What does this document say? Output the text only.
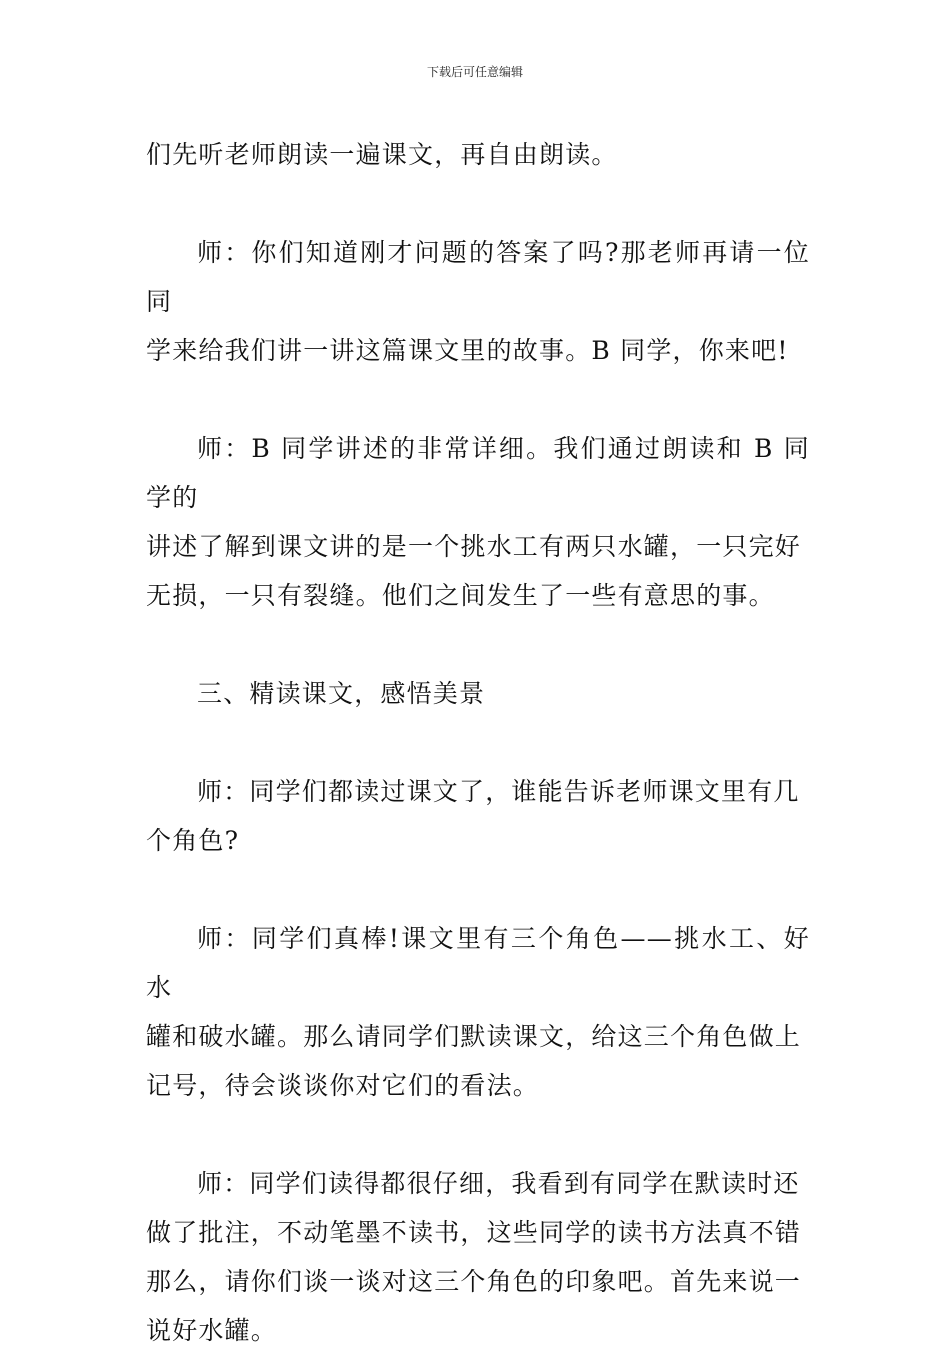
下载后可任意编辑

们先听老师朗读一遍课文，再自由朗读。

师：你们知道刚才问题的答案了吗?那老师再请一位同
学来给我们讲一讲这篇课文里的故事。B 同学，你来吧!

师：B 同学讲述的非常详细。我们通过朗读和 B 同学的
讲述了解到课文讲的是一个挑水工有两只水罐，一只完好
无损，一只有裂缝。他们之间发生了一些有意思的事。

三、精读课文，感悟美景

师：同学们都读过课文了，谁能告诉老师课文里有几
个角色?

师：同学们真棒!课文里有三个角色——挑水工、好水
罐和破水罐。那么请同学们默读课文，给这三个角色做上
记号，待会谈谈你对它们的看法。

师：同学们读得都很仔细，我看到有同学在默读时还
做了批注，不动笔墨不读书，这些同学的读书方法真不错
那么，请你们谈一谈对这三个角色的印象吧。首先来说一
说好水罐。
